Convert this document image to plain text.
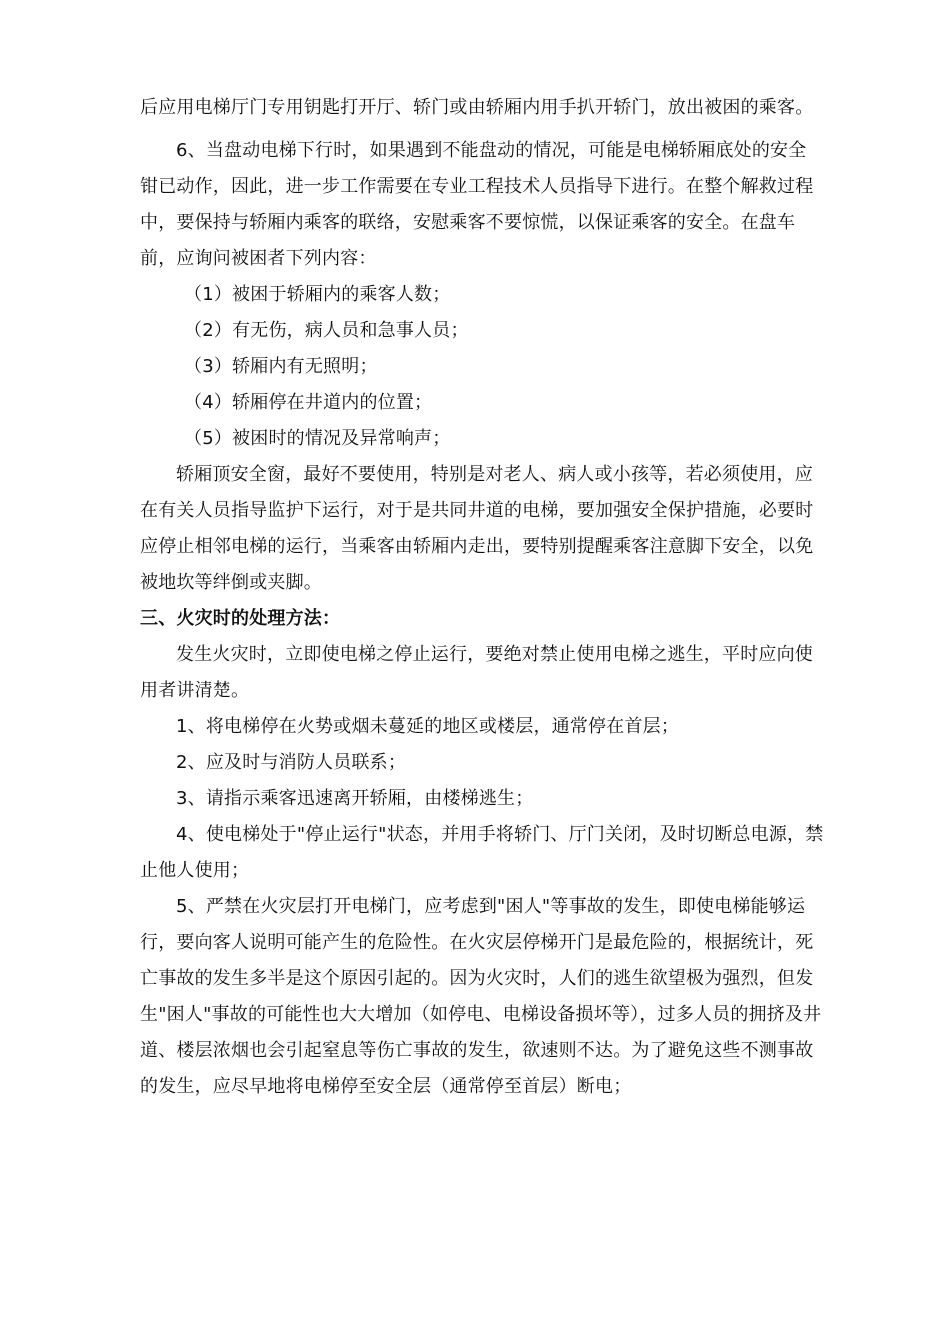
后应用电梯厅门专用钥匙打开厅、轿门或由轿厢内用手扒开轿门，放出被困的乘客。

6、当盘动电梯下行时，如果遇到不能盘动的情况，可能是电梯轿厢底处的安全钳已动作，因此，进一步工作需要在专业工程技术人员指导下进行。在整个解救过程中，要保持与轿厢内乘客的联络，安慰乘客不要惊慌，以保证乘客的安全。在盘车前，应询问被困者下列内容：

（1）被困于轿厢内的乘客人数；

（2）有无伤，病人员和急事人员；

（3）轿厢内有无照明；

（4）轿厢停在井道内的位置；

（5）被困时的情况及异常响声；

轿厢顶安全窗，最好不要使用，特别是对老人、病人或小孩等，若必须使用，应在有关人员指导监护下运行，对于是共同井道的电梯，要加强安全保护措施，必要时应停止相邻电梯的运行，当乘客由轿厢内走出，要特别提醒乘客注意脚下安全，以免被地坎等绊倒或夹脚。

三、火灾时的处理方法：

发生火灾时，立即使电梯之停止运行，要绝对禁止使用电梯之逃生，平时应向使用者讲清楚。

1、将电梯停在火势或烟未蔓延的地区或楼层，通常停在首层；

2、应及时与消防人员联系；

3、请指示乘客迅速离开轿厢，由楼梯逃生；

4、使电梯处于"停止运行"状态，并用手将轿门、厅门关闭，及时切断总电源，禁止他人使用；

5、严禁在火灾层打开电梯门，应考虑到"困人"等事故的发生，即使电梯能够运行，要向客人说明可能产生的危险性。在火灾层停梯开门是最危险的，根据统计，死亡事故的发生多半是这个原因引起的。因为火灾时，人们的逃生欲望极为强烈，但发生"困人"事故的可能性也大大增加（如停电、电梯设备损坏等），过多人员的拥挤及井道、楼层浓烟也会引起窒息等伤亡事故的发生，欲速则不达。为了避免这些不测事故的发生，应尽早地将电梯停至安全层（通常停至首层）断电；
